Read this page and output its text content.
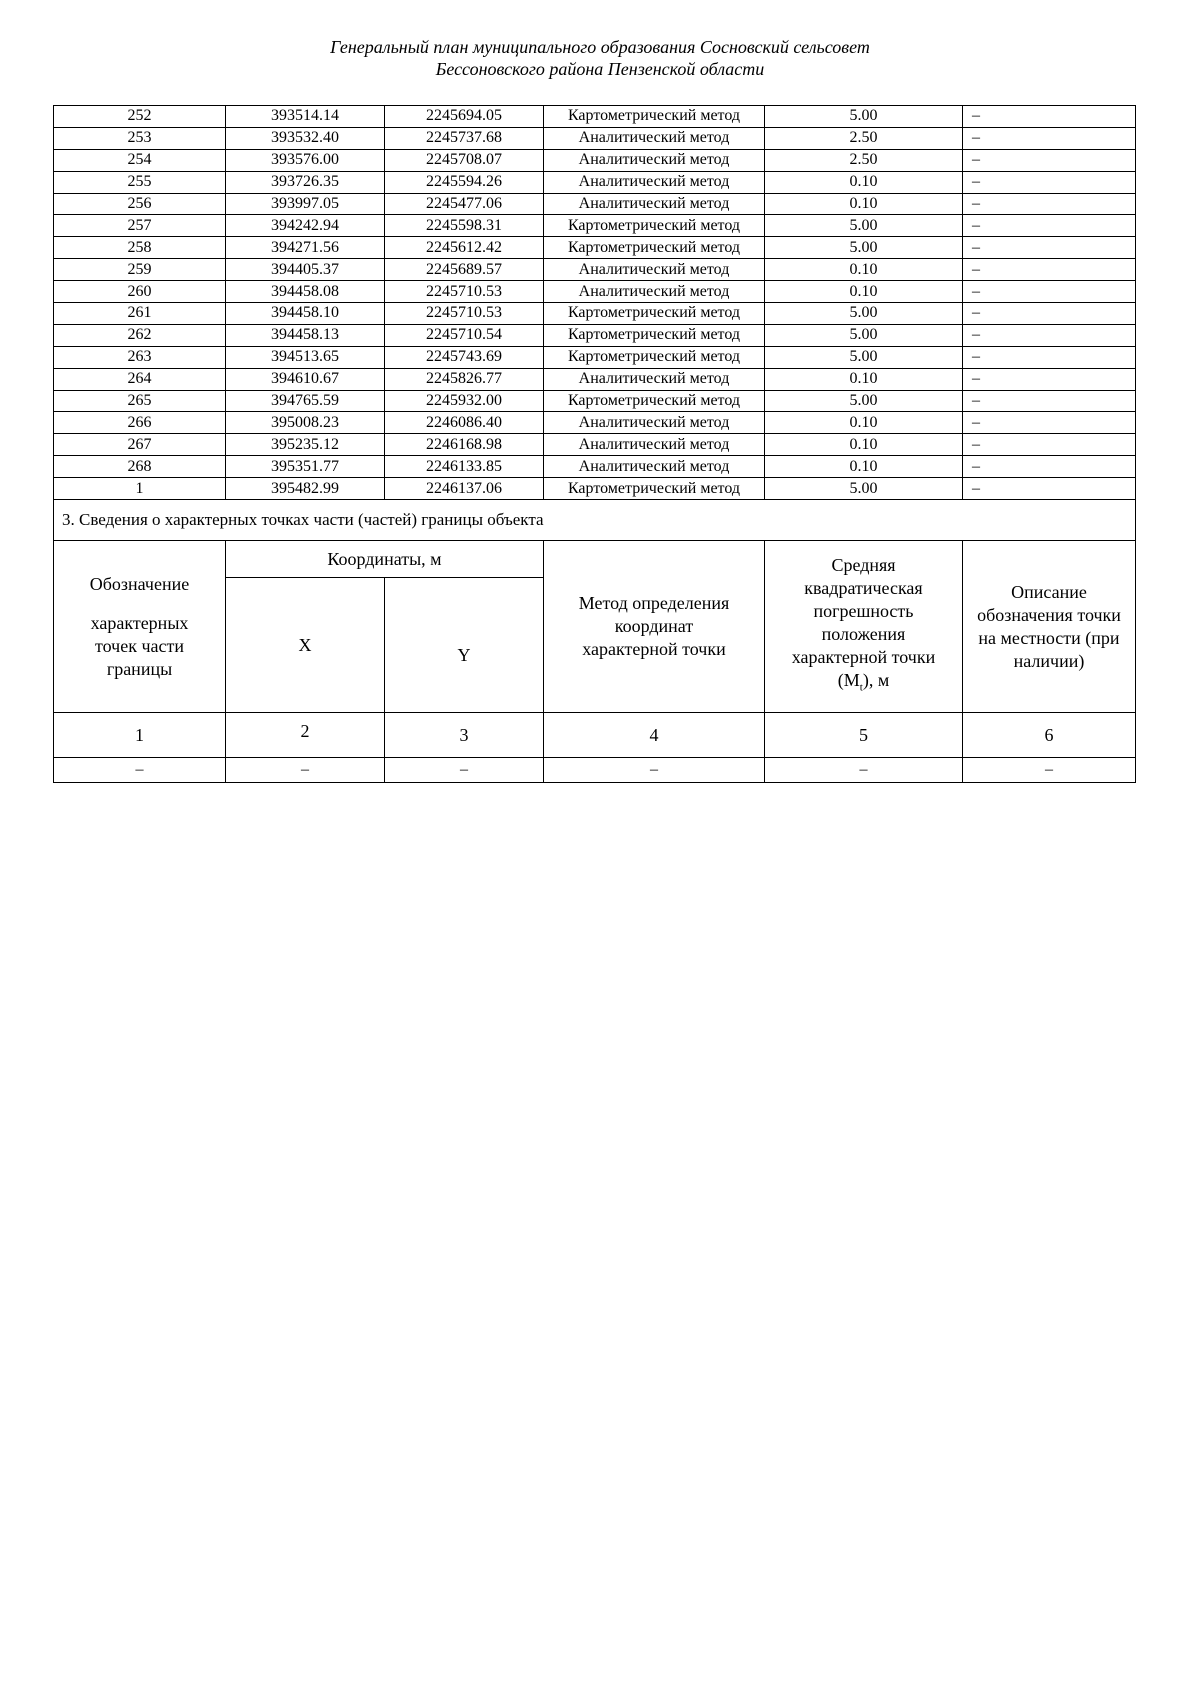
Генеральный план муниципального образования Сосновский сельсовет
Бессоновского района Пензенской области
252	393514.14	2245694.05	Картометрический метод	5.00	–
253	393532.40	2245737.68	Аналитический метод	2.50	–
254	393576.00	2245708.07	Аналитический метод	2.50	–
255	393726.35	2245594.26	Аналитический метод	0.10	–
256	393997.05	2245477.06	Аналитический метод	0.10	–
257	394242.94	2245598.31	Картометрический метод	5.00	–
258	394271.56	2245612.42	Картометрический метод	5.00	–
259	394405.37	2245689.57	Аналитический метод	0.10	–
260	394458.08	2245710.53	Аналитический метод	0.10	–
261	394458.10	2245710.53	Картометрический метод	5.00	–
262	394458.13	2245710.54	Картометрический метод	5.00	–
263	394513.65	2245743.69	Картометрический метод	5.00	–
264	394610.67	2245826.77	Аналитический метод	0.10	–
265	394765.59	2245932.00	Картометрический метод	5.00	–
266	395008.23	2246086.40	Аналитический метод	0.10	–
267	395235.12	2246168.98	Аналитический метод	0.10	–
268	395351.77	2246133.85	Аналитический метод	0.10	–
1	395482.99	2246137.06	Картометрический метод	5.00	–
3. Сведения о характерных точках части (частей) границы объекта					

Обозначение
характерных точек части границы	Координаты, м		Метод определения координат характерной точки	Средняя квадратическая погрешность положения характерной точки $(M_t)$, м	Описание обозначения точки на местности (при наличии)

	X	Y			
1	2	3	4	5	6
–	–	–	–	–	–
